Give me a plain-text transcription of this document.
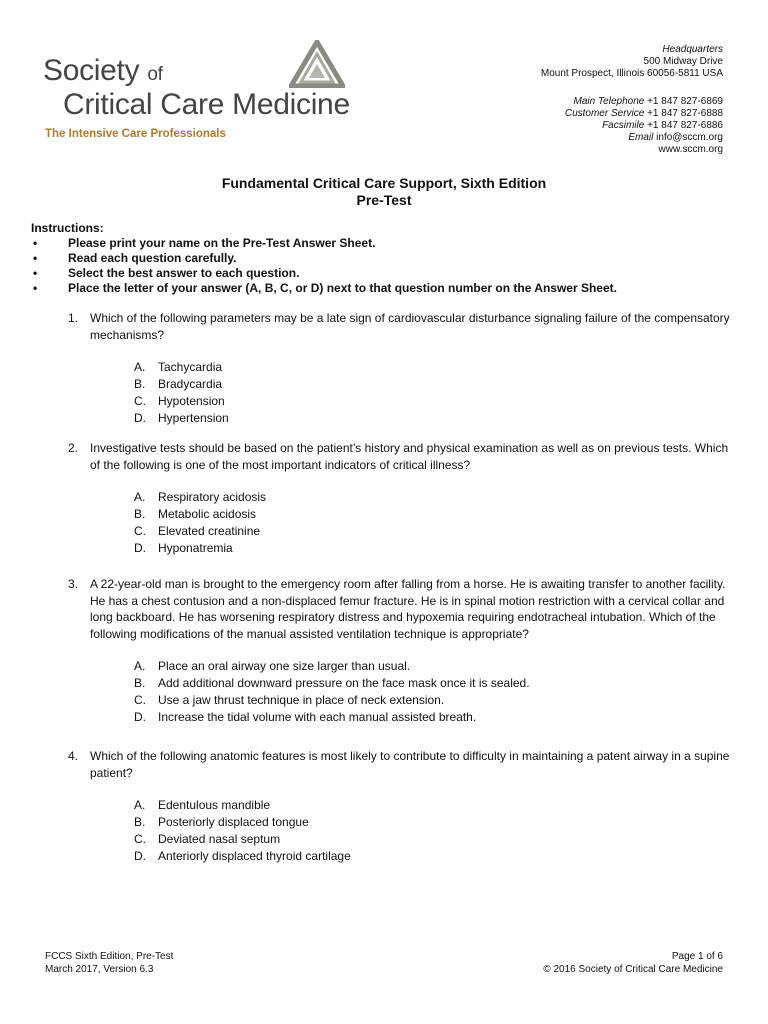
Society of
Critical Care Medicine
The Intensive Care Professionals
Headquarters
500 Midway Drive
Mount Prospect, Illinois 60056-5811 USA
Main Telephone +1 847 827-6869
Customer Service +1 847 827-6888
Facsimile +1 847 827-6886
Email info@sccm.org
www.sccm.org
Fundamental Critical Care Support, Sixth Edition
Pre-Test
Instructions:
•	Please print your name on the Pre-Test Answer Sheet.
•	Read each question carefully.
•	Select the best answer to each question.
•	Place the letter of your answer (A, B, C, or D) next to that question number on the Answer Sheet.
1. Which of the following parameters may be a late sign of cardiovascular disturbance signaling failure of the compensatory mechanisms?
A. Tachycardia
B. Bradycardia
C. Hypotension
D. Hypertension
2. Investigative tests should be based on the patient’s history and physical examination as well as on previous tests. Which of the following is one of the most important indicators of critical illness?
A. Respiratory acidosis
B. Metabolic acidosis
C. Elevated creatinine
D. Hyponatremia
3. A 22-year-old man is brought to the emergency room after falling from a horse. He is awaiting transfer to another facility. He has a chest contusion and a non-displaced femur fracture. He is in spinal motion restriction with a cervical collar and long backboard. He has worsening respiratory distress and hypoxemia requiring endotracheal intubation. Which of the following modifications of the manual assisted ventilation technique is appropriate?
A. Place an oral airway one size larger than usual.
B. Add additional downward pressure on the face mask once it is sealed.
C. Use a jaw thrust technique in place of neck extension.
D. Increase the tidal volume with each manual assisted breath.
4. Which of the following anatomic features is most likely to contribute to difficulty in maintaining a patent airway in a supine patient?
A. Edentulous mandible
B. Posteriorly displaced tongue
C. Deviated nasal septum
D. Anteriorly displaced thyroid cartilage
FCCS Sixth Edition, Pre-Test
March 2017, Version 6.3
Page 1 of 6
© 2016 Society of Critical Care Medicine
